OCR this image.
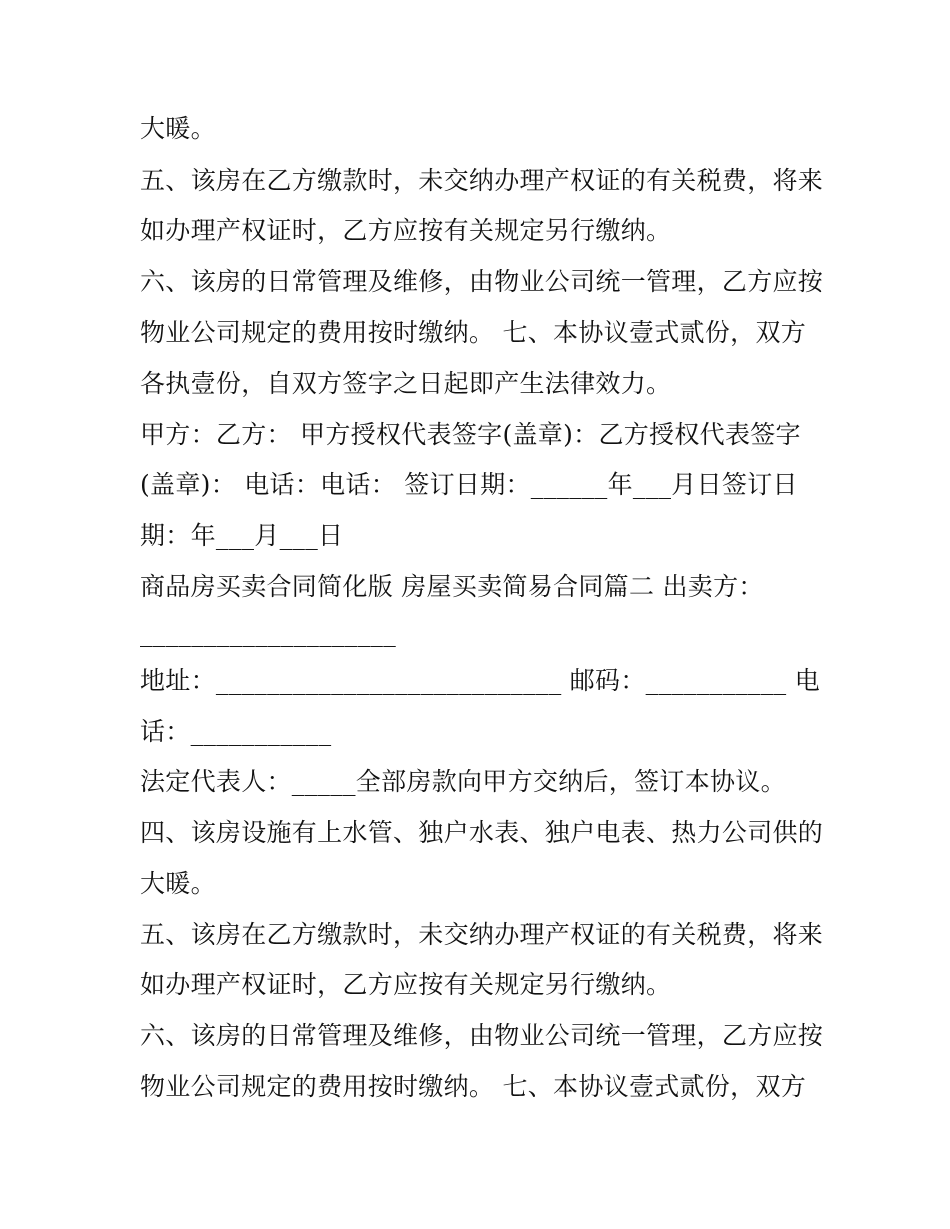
大暖。
五、该房在乙方缴款时，未交纳办理产权证的有关税费，将来
如办理产权证时，乙方应按有关规定另行缴纳。
六、该房的日常管理及维修，由物业公司统一管理，乙方应按
物业公司规定的费用按时缴纳。 七、本协议壹式贰份，双方
各执壹份，自双方签字之日起即产生法律效力。
甲方：乙方： 甲方授权代表签字(盖章)：乙方授权代表签字
(盖章)： 电话：电话： 签订日期：______年___月日签订日
期：年___月___日
商品房买卖合同简化版 房屋买卖简易合同篇二 出卖方：
____________________
地址：___________________________ 邮码：___________ 电
话：___________
法定代表人：_____全部房款向甲方交纳后，签订本协议。
四、该房设施有上水管、独户水表、独户电表、热力公司供的
大暖。
五、该房在乙方缴款时，未交纳办理产权证的有关税费，将来
如办理产权证时，乙方应按有关规定另行缴纳。
六、该房的日常管理及维修，由物业公司统一管理，乙方应按
物业公司规定的费用按时缴纳。 七、本协议壹式贰份，双方
